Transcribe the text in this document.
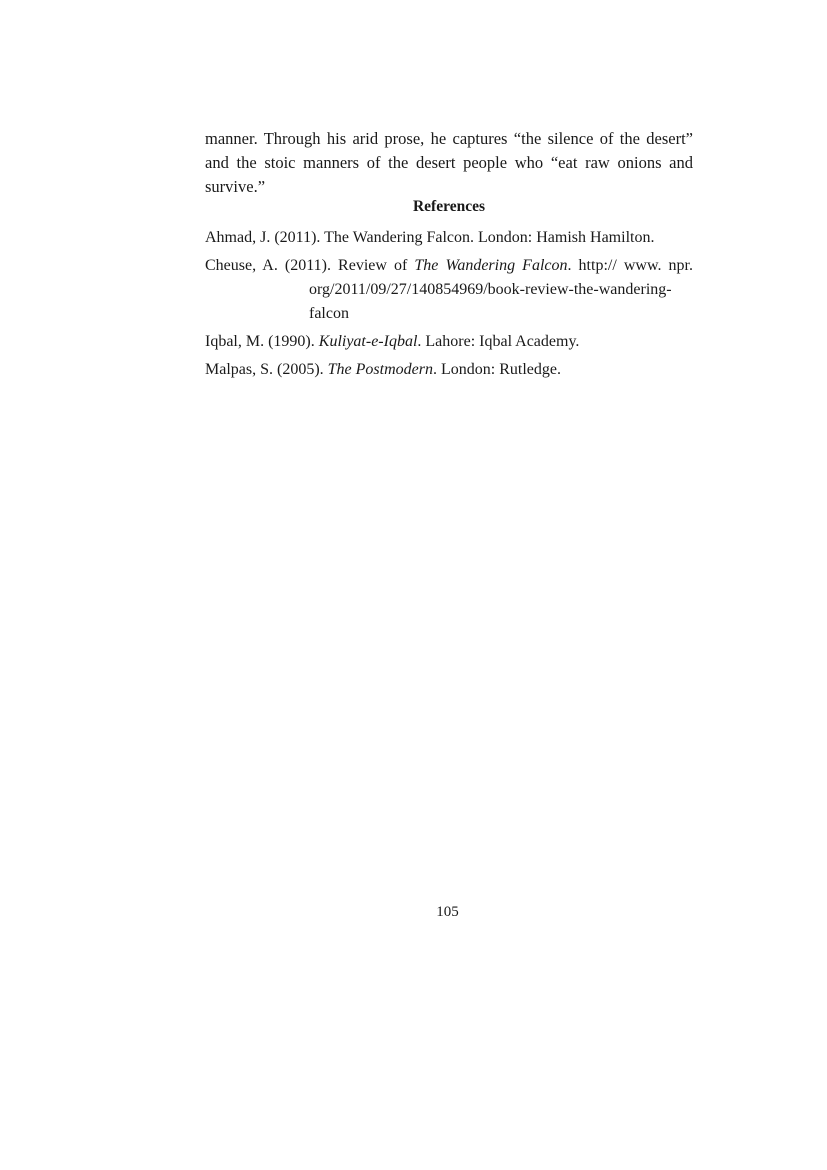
manner. Through his arid prose, he captures “the silence of the desert” and the stoic manners of the desert people who “eat raw onions and survive.”

References

Ahmad, J. (2011). The Wandering Falcon. London: Hamish Hamilton.

Cheuse, A. (2011). Review of The Wandering Falcon. http:// www. npr. org/2011/09/27/140854969/book-review-the-wandering-falcon

Iqbal, M. (1990). Kuliyat-e-Iqbal. Lahore: Iqbal Academy.

Malpas, S. (2005). The Postmodern. London: Rutledge.

105
